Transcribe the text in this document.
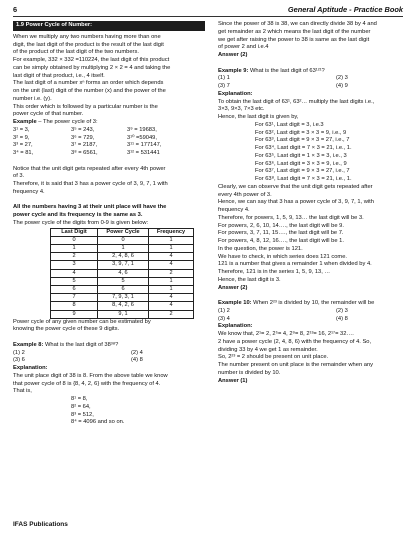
6	General Aptitude - Practice Book
1.9 Power Cycle of Number:

When we multiply any two numbers having more than one

digit, the last digit of the product is the result of the last digit

of the product of the last digit of the two numbers.

For example, 332 × 332 =110224, the last digit of this product

can be simply obtained by multiplying 2 × 2 = 4 and taking the

last digit of that product, i.e., 4 itself.

The last digit of a number xⁿ forms an order which depends

on the unit (last) digit of the number (x) and the power of the

number i.e. (y).

This order which is followed by a particular number is the

power cycle of that number.

Example – The power cycle of 3:

3¹ = 3,	3⁵ = 243,	3⁹ = 19683,
3² = 9,	3⁶ = 729,	3¹⁰ =59049,
3³ = 27,	3⁷ = 2187,	3¹¹ = 177147,
3⁴ = 81,	3⁸ = 6561,	3¹² = 531441

Notice that the unit digit gets repeated after every 4th power

of 3.

Therefore, it is said that 3 has a power cycle of 3, 9, 7, 1 with

frequency 4.

All the numbers having 3 at their unit place will have the

power cycle and its frequency is the same as 3.

The power cycle of the digits from 0-9 is given below:

Last Digit	Power Cycle	Frequency
0	0	1
1	1	1
2	2, 4, 8, 6	4
3	3, 9, 7, 1	4
4	4, 6	2
5	5	1
6	6	1
7	7, 9, 3, 1	4
8	8, 4, 2, 6	4
9	9, 1	2

Power cycle of any given number can be estimated by

knowing the power cycle of these 9 digits.

Example 8: What is the last digit of 38³⁸?

(1) 2	(2) 4
(3) 6	(4) 8

Explanation:

The unit place digit of 38 is 8. From the above table we know

that power cycle of 8 is {8, 4, 2, 6} with the frequency of 4.

That is,

8¹ = 8,

8² = 64,

8³ = 512,

8⁴ = 4096 and so on.

Since the power of 38 is 38, we can directly divide 38 by 4 and

get remainder as 2 which means the last digit of the number

we get after raising the power to 38 is same as the last digit

of power 2 and i.e.4

Answer (2)

Example 9: What is the last digit of 63¹²¹?

(1) 1	(2) 3
(3) 7	(4) 9

Explanation:

To obtain the last digit of 63¹, 63²… multiply the last digits i.e.,

3×3, 9×3, 7×3 etc.

Hence, the last digit is given by,

For 63¹, Last digit = 3, i.e.3

For 63², Last digit = 3 × 3 = 9, i.e., 9

For 63³, Last digit = 9 × 3 = 27, i.e., 7

For 63⁴, Last digit = 7 × 3 = 21, i.e., 1.

For 63⁵, Last digit = 1 × 3 = 3, i.e., 3

For 63⁶, Last digit = 3 × 3 = 9, i.e., 9

For 63⁷, Last digit = 9 × 3 = 27, i.e., 7

For 63⁸, Last digit = 7 × 3 = 21, i.e., 1.

Clearly, we can observe that the unit digit gets repeated after

every 4th power of 3.

Hence, we can say that 3 has a power cycle of 3, 9, 7, 1, with

frequency 4.

Therefore, for powers, 1, 5, 9, 13… the last digit will be 3.

For powers, 2, 6, 10, 14…., the last digit will be 9.

For powers, 3, 7, 11, 15…., the last digit will be 7.

For powers, 4, 8, 12, 16…., the last digit will be 1.

In the question, the power is 121.

We have to check, in which series does 121 come.

121 is a number that gives a remainder 1 when divided by 4.

Therefore, 121 is in the series 1, 5, 9, 13, …

Hence, the last digit is 3.

Answer (2)

Example 10: When 2²³ is divided by 10, the remainder will be

(1) 2	(2) 3
(3) 4	(4) 8

Explanation:

We know that, 2¹= 2, 2⁵= 4, 2⁹= 8, 2¹³= 16, 2¹⁷= 32….

2 have a power cycle (2, 4, 8, 6) with the frequency of 4. So,

dividing 33 by 4 we get 1 as remainder.

So, 2²³ = 2 should be present on unit place.

The number present on unit place is the remainder when any

number is divided by 10.

Answer (1)

IFAS Publications
